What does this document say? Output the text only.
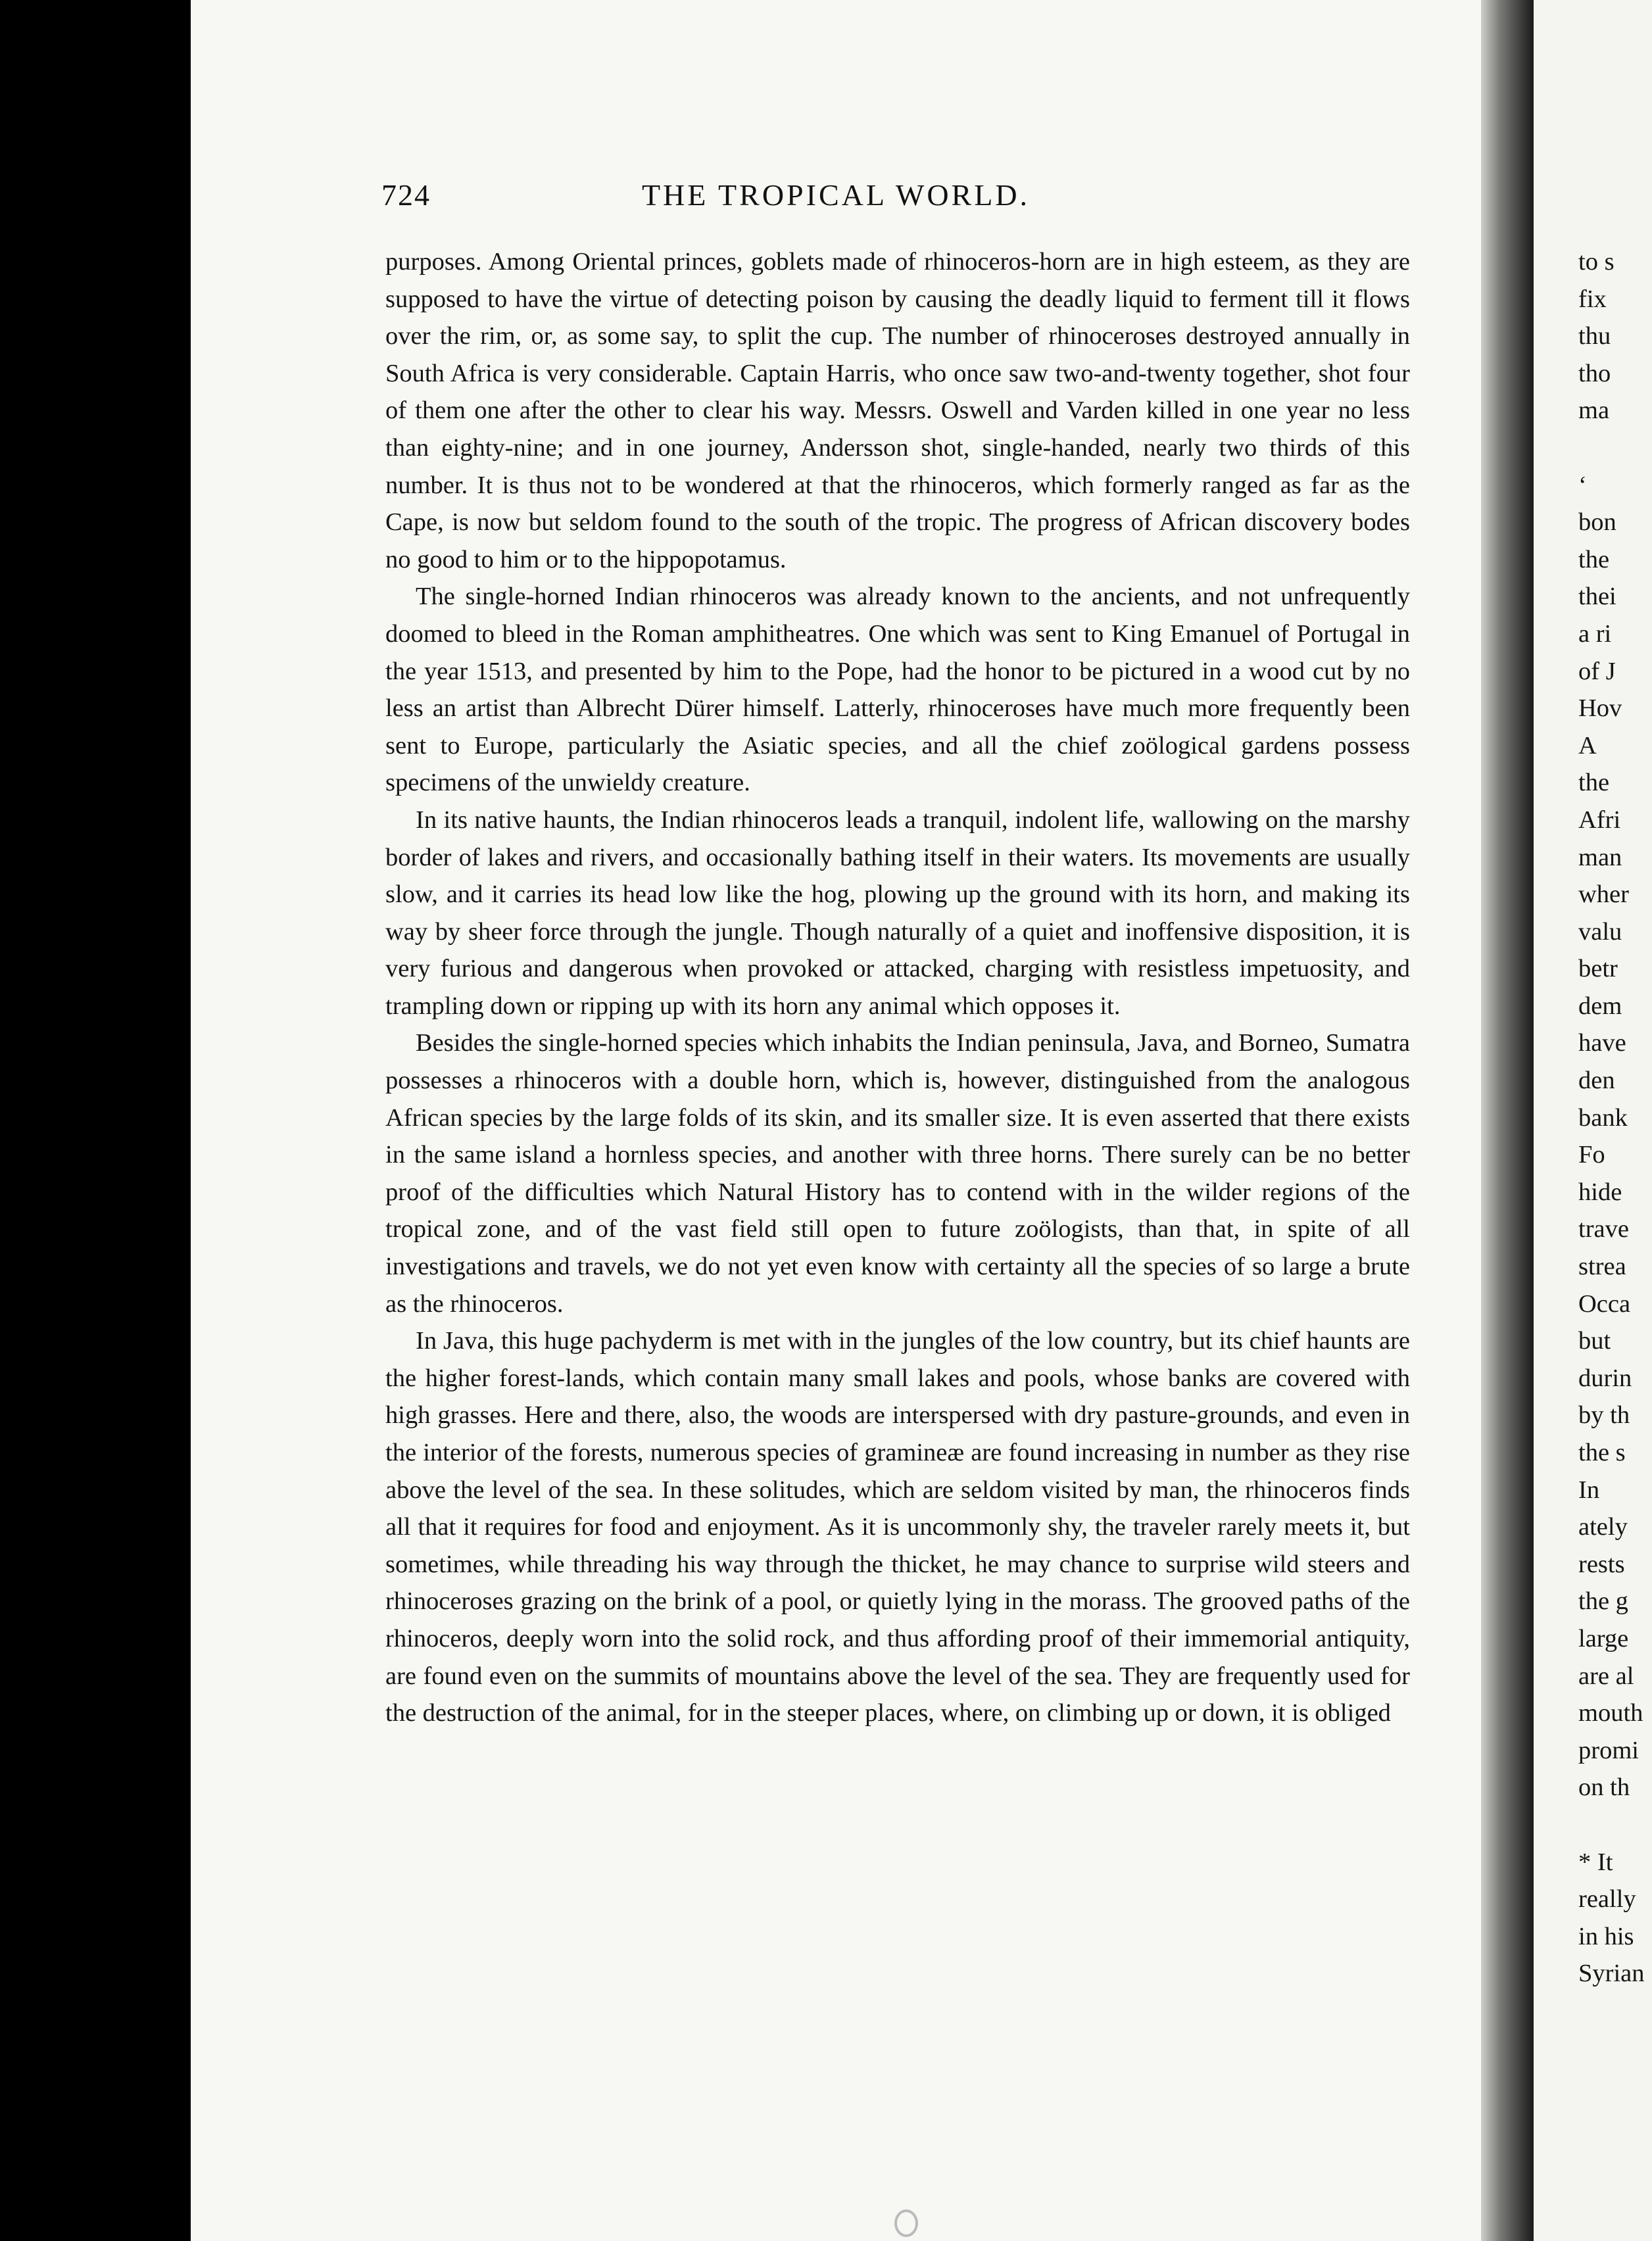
724	THE TROPICAL WORLD.

purposes. Among Oriental princes, goblets made of rhinoceros-horn are in high esteem, as they are supposed to have the virtue of detecting poison by causing the deadly liquid to ferment till it flows over the rim, or, as some say, to split the cup. The number of rhinoceroses destroyed annually in South Africa is very considerable. Captain Harris, who once saw two-and-twenty together, shot four of them one after the other to clear his way. Messrs. Oswell and Varden killed in one year no less than eighty-nine; and in one journey, Andersson shot, single-handed, nearly two thirds of this number. It is thus not to be wondered at that the rhinoceros, which formerly ranged as far as the Cape, is now but seldom found to the south of the tropic. The progress of African discovery bodes no good to him or to the hippopotamus.

The single-horned Indian rhinoceros was already known to the ancients, and not unfrequently doomed to bleed in the Roman amphitheatres. One which was sent to King Emanuel of Portugal in the year 1513, and presented by him to the Pope, had the honor to be pictured in a wood cut by no less an artist than Albrecht Dürer himself. Latterly, rhinoceroses have much more frequently been sent to Europe, particularly the Asiatic species, and all the chief zoölogical gardens possess specimens of the unwieldy creature.

In its native haunts, the Indian rhinoceros leads a tranquil, indolent life, wallowing on the marshy border of lakes and rivers, and occasionally bathing itself in their waters. Its movements are usually slow, and it carries its head low like the hog, plowing up the ground with its horn, and making its way by sheer force through the jungle. Though naturally of a quiet and inoffensive disposition, it is very furious and dangerous when provoked or attacked, charging with resistless impetuosity, and trampling down or ripping up with its horn any animal which opposes it.

Besides the single-horned species which inhabits the Indian peninsula, Java, and Borneo, Sumatra possesses a rhinoceros with a double horn, which is, however, distinguished from the analogous African species by the large folds of its skin, and its smaller size. It is even asserted that there exists in the same island a hornless species, and another with three horns. There surely can be no better proof of the difficulties which Natural History has to contend with in the wilder regions of the tropical zone, and of the vast field still open to future zoölogists, than that, in spite of all investigations and travels, we do not yet even know with certainty all the species of so large a brute as the rhinoceros.

In Java, this huge pachyderm is met with in the jungles of the low country, but its chief haunts are the higher forest-lands, which contain many small lakes and pools, whose banks are covered with high grasses. Here and there, also, the woods are interspersed with dry pasture-grounds, and even in the interior of the forests, numerous species of gramineæ are found increasing in number as they rise above the level of the sea. In these solitudes, which are seldom visited by man, the rhinoceros finds all that it requires for food and enjoyment. As it is uncommonly shy, the traveler rarely meets it, but sometimes, while threading his way through the thicket, he may chance to surprise wild steers and rhinoceroses grazing on the brink of a pool, or quietly lying in the morass. The grooved paths of the rhinoceros, deeply worn into the solid rock, and thus affording proof of their immemorial antiquity, are found even on the summits of mountains above the level of the sea. They are frequently used for the destruction of the animal, for in the steeper places, where, on climbing up or down, it is obliged

to s
fix
thu
tho
ma
‘
bon
the
thei
a ri
of J
Hov
A
the
Afri
man
wher
valu
betr
dem
have
den
bank
Fo
hide
trave
strea
Occa
but
durin
by th
the s
In
ately
rests
the g
large
are al
mouth
promi
on th
* It
really
in his
Syrian
